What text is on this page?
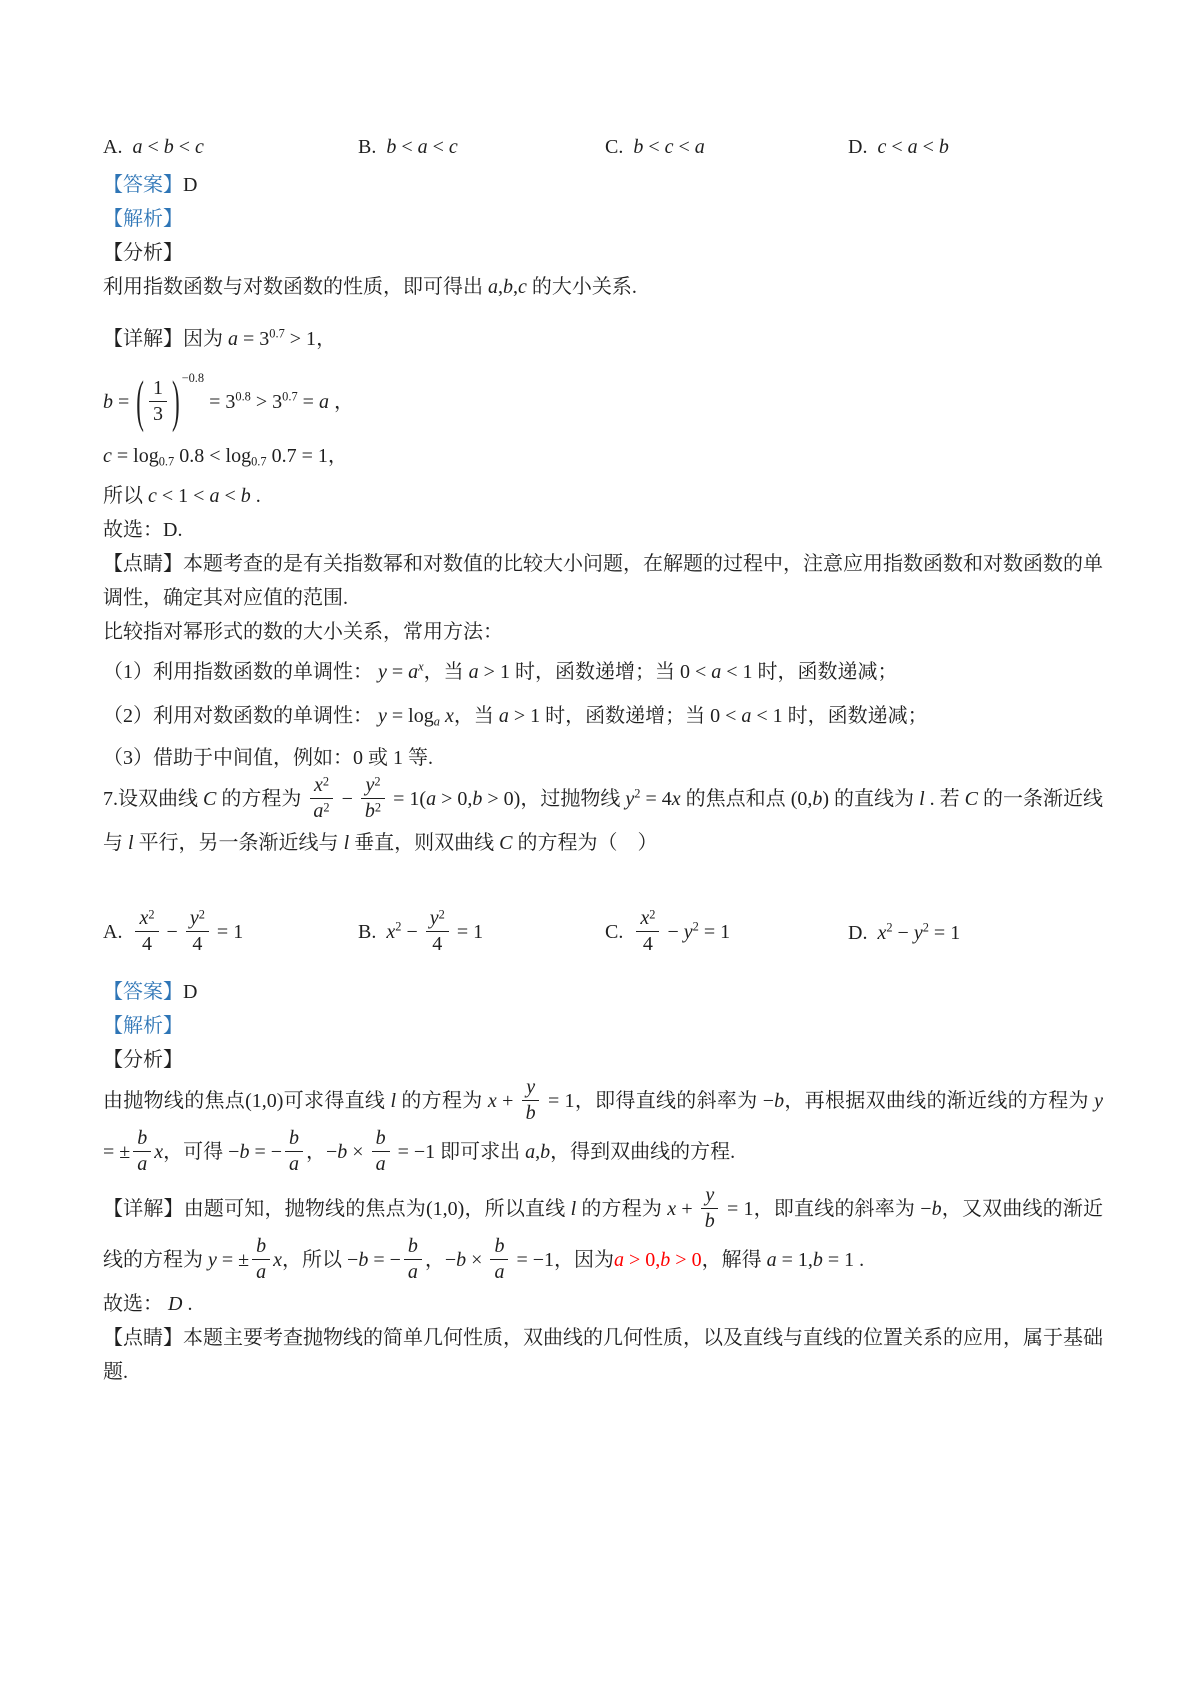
A. a < b < c	B. b < a < c	C. b < c < a	D. c < a < b
【答案】D
【解析】
【分析】
利用指数函数与对数函数的性质，即可得出 a,b,c 的大小关系.
【详解】因为 $a = 3^{0.7} > 1$，
b = ( $\frac{1}{3}$ ) $^{-0.8} = 3^{0.8} > 3^{0.7} = a$ ，
$c = \log_{0.7} 0.8 < \log_{0.7} 0.7 = 1$，
所以 c < 1 < a < b .
故选：D.
【点睛】本题考查的是有关指数幂和对数值的比较大小问题，在解题的过程中，注意应用指数函数和对数函数的单调性，确定其对应值的范围.
比较指对幂形式的数的大小关系，常用方法：
（1）利用指数函数的单调性： $y = a^x$，当 a > 1 时，函数递增；当 0 < a < 1 时，函数递减；
（2）利用对数函数的单调性： $y = \log_a x$，当 a > 1 时，函数递增；当 0 < a < 1 时，函数递减；
（3）借助于中间值，例如：0 或 1 等.
7.设双曲线 C 的方程为 $\frac{x^2}{a^2} - \frac{y^2}{b^2} = 1(a > 0,b > 0)$，过抛物线 $y^2 = 4x$ 的焦点和点 (0,b) 的直线为 l . 若 C 的一条渐近线与 l 平行，另一条渐近线与 l 垂直，则双曲线 C 的方程为（　）
A.  $\frac{x^2}{4} - \frac{y^2}{4} = 1$	B. $x^2 - \frac{y^2}{4} = 1$	C.  $\frac{x^2}{4} - y^2 = 1$	D. $x^2 - y^2 = 1$
【答案】D
【解析】
【分析】
由抛物线的焦点(1,0)可求得直线 l 的方程为 $x + \frac{y}{b} = 1$，即得直线的斜率为 −b，再根据双曲线的渐近线的方程为 y = ± $\frac{b}{a}$ x，可得 −b = − $\frac{b}{a}$ ，$-b \times \frac{b}{a} = -1$ 即可求出 a,b，得到双曲线的方程.
【详解】由题可知，抛物线的焦点为(1,0)，所以直线 l 的方程为 $x + \frac{y}{b} = 1$，即直线的斜率为 −b，又双曲线的渐近线的方程为 y = ± $\frac{b}{a}$ x，所以 −b = − $\frac{b}{a}$ ，$-b \times \frac{b}{a} = -1$，因为a > 0,b > 0，解得 a = 1,b = 1 .
故选： D .
【点睛】本题主要考查抛物线的简单几何性质，双曲线的几何性质，以及直线与直线的位置关系的应用，属于基础题.
